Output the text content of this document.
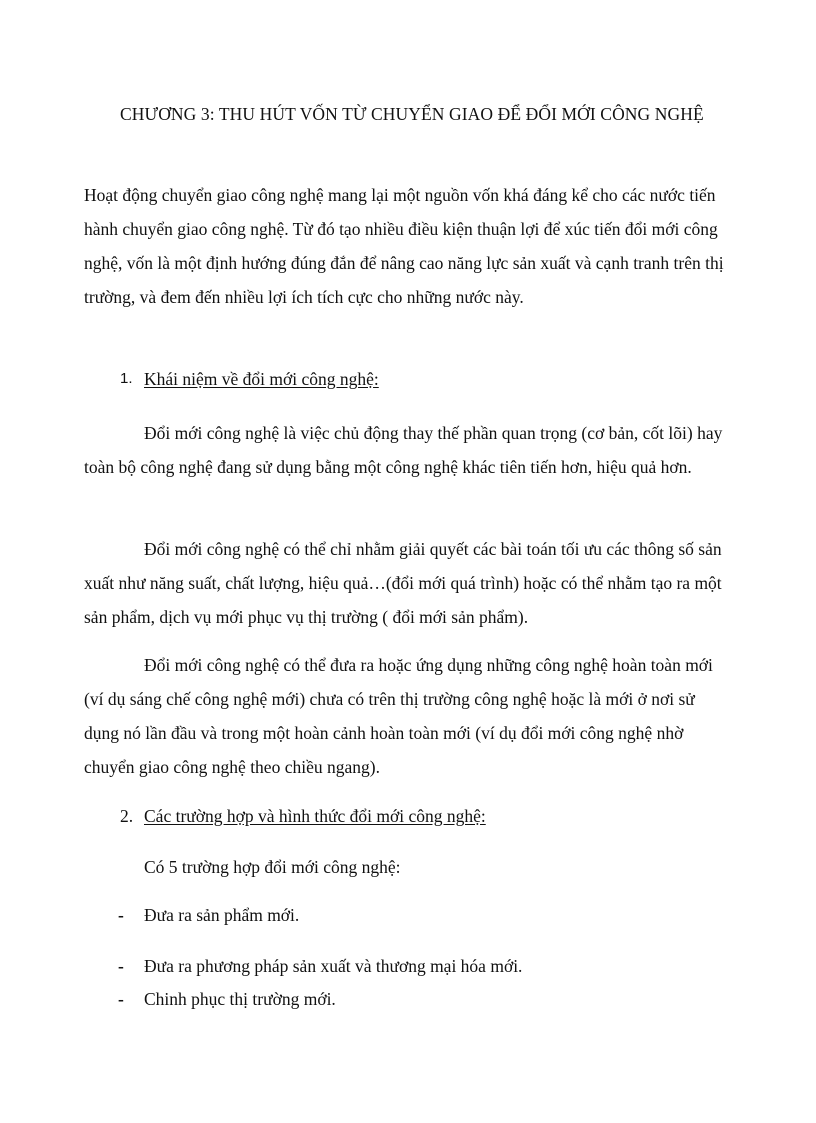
CHƯƠNG 3: THU HÚT VỐN TỪ CHUYỂN GIAO ĐỂ ĐỔI MỚI CÔNG NGHỆ

Hoạt động chuyển giao công nghệ mang lại một nguồn vốn khá đáng kể cho các nước tiến hành chuyển giao công nghệ. Từ đó tạo nhiều điều kiện thuận lợi để xúc tiến đổi mới công nghệ, vốn là một định hướng đúng đắn để nâng cao năng lực sản xuất và cạnh tranh trên thị trường, và đem đến nhiều lợi ích tích cực cho những nước này.

1. Khái niệm về đổi mới công nghệ:

Đổi mới công nghệ là việc chủ động thay thế phần quan trọng (cơ bản, cốt lõi) hay toàn bộ công nghệ đang sử dụng bằng một công nghệ khác tiên tiến hơn, hiệu quả hơn.

Đổi mới công nghệ có thể chỉ nhằm giải quyết các bài toán tối ưu các thông số sản xuất như năng suất, chất lượng, hiệu quả…(đổi mới quá trình) hoặc có thể nhằm tạo ra một sản phẩm, dịch vụ mới phục vụ thị trường ( đổi mới sản phẩm).

Đổi mới công nghệ có thể đưa ra hoặc ứng dụng những công nghệ hoàn toàn mới (ví dụ sáng chế công nghệ mới) chưa có trên thị trường công nghệ hoặc là mới ở nơi sử dụng nó lần đầu và trong một hoàn cảnh hoàn toàn mới (ví dụ đổi mới công nghệ nhờ chuyển giao công nghệ theo chiều ngang).

2. Các trường hợp và hình thức đổi mới công nghệ:
Có 5 trường hợp đổi mới công nghệ:
- Đưa ra sản phẩm mới.
- Đưa ra phương pháp sản xuất và thương mại hóa mới.
- Chinh phục thị trường mới.
